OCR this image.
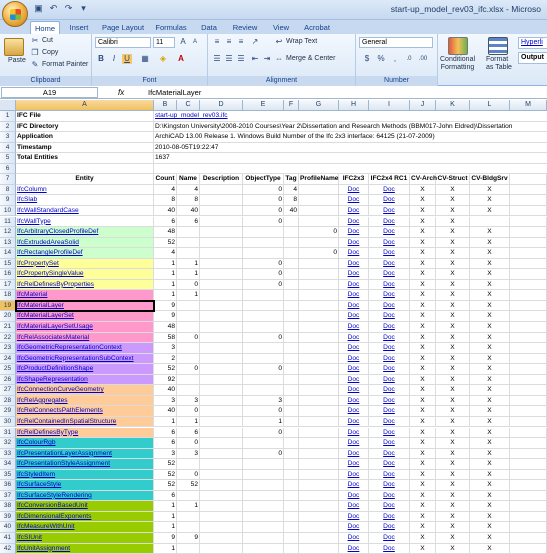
▣ ↶ ↷ ▾	start-up_model_rev03_ifc.xlsx - Microso
Home	Insert	Page Layout	Formulas	Data	Review	View	Acrobat
Paste
✂ Cut
❐ Copy
✎ Format Painter
Clipboard
Calibri	11	A	A
B	I	U ▦ ◈ A
Font
≡ ≡ ≡	↗ ↩ Wrap Text
☰ ☰ ☰ ⇤ ⇥ ⇔ Merge & Center
Alignment
General
$	%	,	.0	.00
Number
Conditional
Formatting
Format
as Table
Hyperli
Output
A19	fx	IfcMaterialLayer
A	B	C	D	E	F	G	H	I	J	K	L	M
1	IFC File	start-up_model_rev03.ifc
2	IFC Directory	D:\Kingston University\2008-2010 Courses\Year 2\Dissertation and Research Methods (BBM017-John Eldred)\Dissertation
3	Application	ArchiCAD 13.00 Release 1. Windows Build Number of the Ifc 2x3 interface: 64125 (21-07-2009)
4	Timestamp	2010-08-05T19:22:47
5	Total Entities	1637
6
7	Entity	Count Name Description ObjectType Tag ProfileName IFC2x3 IFC2x4 RC1 CV-Arch CV-Struct CV-BldgSrv
8	IfcColumn	4	4	0	4	Doc	Doc	X	X	X
9	IfcSlab	8	8	0	8	Doc	Doc	X	X	X
10 IfcWallStandardCase	40	40	0	40	Doc	Doc	X	X	X
11 IfcWallType	6	6	0	Doc	Doc	X	X
12 IfcArbitraryClosedProfileDef	48	0	Doc	Doc	X	X	X
13 IfcExtrudedAreaSolid	52	Doc	Doc	X	X	X
14 IfcRectangleProfileDef	4	0	Doc	Doc	X	X	X
15 IfcPropertySet	1	1	0	Doc	Doc	X	X	X
16 IfcPropertySingleValue	1	1	0	Doc	Doc	X	X	X
17 IfcRelDefinesByProperties	1	0	0	Doc	Doc	X	X	X
18 IfcMaterial	1	1	Doc	Doc	X	X	X
19 IfcMaterialLayer	9	Doc	Doc	X	X	X
20 IfcMaterialLayerSet	9	Doc	Doc	X	X	X
21 IfcMaterialLayerSetUsage	48	Doc	Doc	X	X	X
22 IfcRelAssociatesMaterial	58	0	0	Doc	Doc	X	X	X
23 IfcGeometricRepresentationContext	3	Doc	Doc	X	X	X
24 IfcGeometricRepresentationSubContext	2	Doc	Doc	X	X	X
25 IfcProductDefinitionShape	52	0	0	Doc	Doc	X	X	X
26 IfcShapeRepresentation	92	Doc	Doc	X	X	X
27 IfcConnectionCurveGeometry	40	Doc	Doc	X	X	X
28 IfcRelAggregates	3	3	3	Doc	Doc	X	X	X
29 IfcRelConnectsPathElements	40	0	0	Doc	Doc	X	X	X
30 IfcRelContainedInSpatialStructure	1	1	1	Doc	Doc	X	X	X
31 IfcRelDefinesByType	6	6	0	Doc	Doc	X	X	X
32 IfcColourRgb	6	0	Doc	Doc	X	X	X
33 IfcPresentationLayerAssignment	3	3	0	Doc	Doc	X	X	X
34 IfcPresentationStyleAssignment	52	Doc	Doc	X	X	X
35 IfcStyledItem	52	0	Doc	Doc	X	X	X
36 IfcSurfaceStyle	52	52	Doc	Doc	X	X	X
37 IfcSurfaceStyleRendering	6	Doc	Doc	X	X	X
38 IfcConversionBasedUnit	1	1	Doc	Doc	X	X	X
39 IfcDimensionalExponents	1	Doc	Doc	X	X	X
40 IfcMeasureWithUnit	1	Doc	Doc	X	X	X
41 IfcSIUnit	9	9	Doc	Doc	X	X	X
42 IfcUnitAssignment	1	Doc	Doc	X	X	X
